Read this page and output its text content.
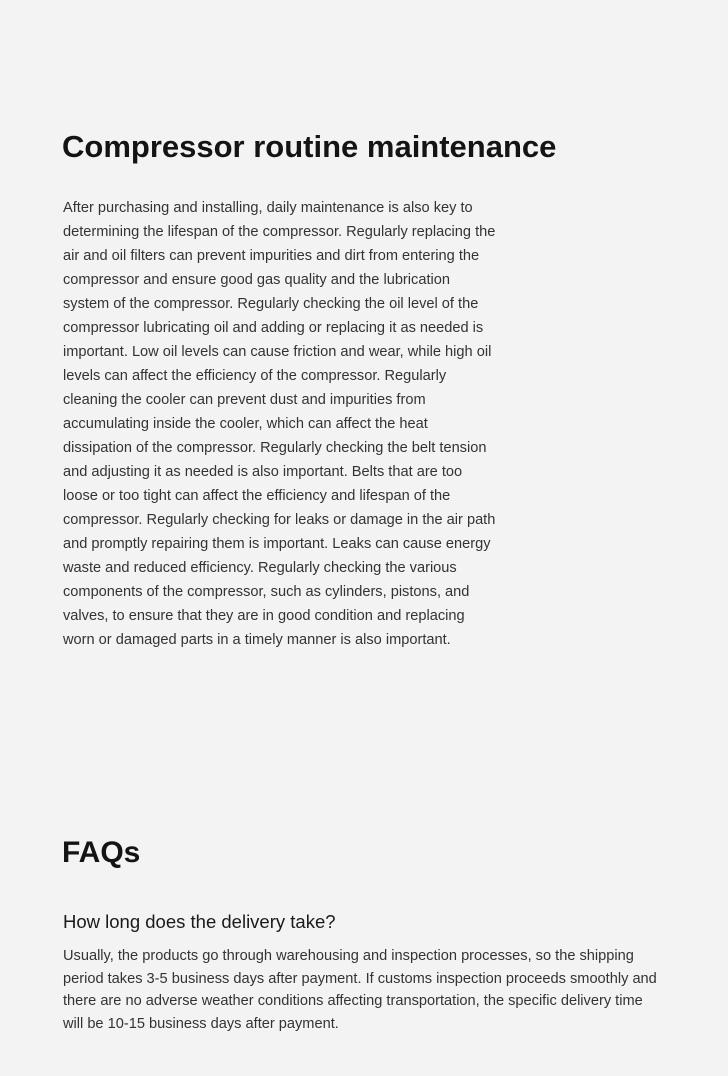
Compressor routine maintenance

After purchasing and installing, daily maintenance is also key to determining the lifespan of the compressor. Regularly replacing the air and oil filters can prevent impurities and dirt from entering the compressor and ensure good gas quality and the lubrication system of the compressor. Regularly checking the oil level of the compressor lubricating oil and adding or replacing it as needed is important. Low oil levels can cause friction and wear, while high oil levels can affect the efficiency of the compressor. Regularly cleaning the cooler can prevent dust and impurities from accumulating inside the cooler, which can affect the heat dissipation of the compressor. Regularly checking the belt tension and adjusting it as needed is also important. Belts that are too loose or too tight can affect the efficiency and lifespan of the compressor. Regularly checking for leaks or damage in the air path and promptly repairing them is important. Leaks can cause energy waste and reduced efficiency. Regularly checking the various components of the compressor, such as cylinders, pistons, and valves, to ensure that they are in good condition and replacing worn or damaged parts in a timely manner is also important.

FAQs
How long does the delivery take?

Usually, the products go through warehousing and inspection processes, so the shipping period takes 3-5 business days after payment. If customs inspection proceeds smoothly and there are no adverse weather conditions affecting transportation, the specific delivery time will be 10-15 business days after payment.
